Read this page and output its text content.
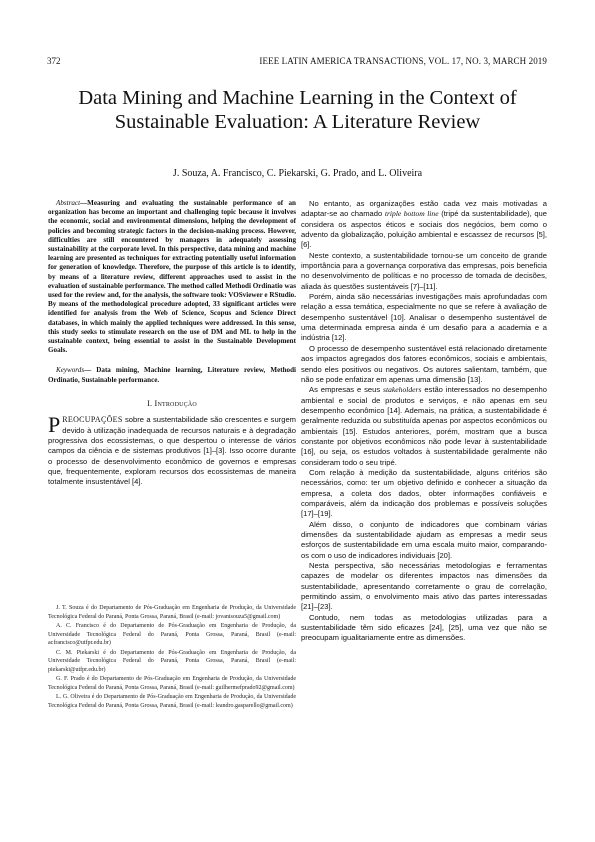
372	IEEE LATIN AMERICA TRANSACTIONS, VOL. 17, NO. 3, MARCH 2019
Data Mining and Machine Learning in the Context of Sustainable Evaluation: A Literature Review
J. Souza, A. Francisco, C. Piekarski, G. Prado, and L. Oliveira

Abstract—Measuring and evaluating the sustainable performance of an organization has become an important and challenging topic because it involves the economic, social and environmental dimensions, helping the development of policies and becoming strategic factors in the decision-making process. However, difficulties are still encountered by managers in adequately assessing sustainability at the corporate level. In this perspective, data mining and machine learning are presented as techniques for extracting potentially useful information for generation of knowledge. Therefore, the purpose of this article is to identify, by means of a literature review, different approaches used to assist in the evaluation of sustainable performance. The method called Methodi Ordinatio was used for the review and, for the analysis, the software took: VOSviewer e RStudio. By means of the methodological procedure adopted, 33 significant articles were identified for analysis from the Web of Science, Scopus and Science Direct databases, in which mainly the applied techniques were addressed. In this sense, this study seeks to stimulate research on the use of DM and ML to help in the sustainable context, being essential to assist in the Sustainable Development Goals.

Keywords— Data mining, Machine learning, Literature review, Methodi Ordinatio, Sustainable performance.

I. Introdução

PREOCUPAÇÕES sobre a sustentabilidade são crescentes e surgem devido à utilização inadequada de recursos naturais e à degradação progressiva dos ecossistemas, o que despertou o interesse de vários campos da ciência e de sistemas produtivos [1]–[3]. Isso ocorre durante o processo de desenvolvimento econômico de governos e empresas que, frequentemente, exploram recursos dos ecossistemas de maneira totalmente insustentável [4].

J. T. Souza é do Departamento de Pós-Graduação em Engenharia de Produção, da Universidade Tecnológica Federal do Paraná, Ponta Grossa, Paraná, Brasil (e-mail: jovanisouza5@gmail.com)

A. C. Francisco é do Departamento de Pós-Graduação em Engenharia de Produção, da Universidade Tecnológica Federal do Paraná, Ponta Grossa, Paraná, Brasil (e-mail: acfrancisco@utfpr.edu.br)

C. M. Piekarski é do Departamento de Pós-Graduação em Engenharia de Produção, da Universidade Tecnológica Federal do Paraná, Ponta Grossa, Paraná, Brasil (e-mail: piekarski@utfpr.edu.br)

G. F. Prado é do Departamento de Pós-Graduação em Engenharia de Produção, da Universidade Tecnológica Federal do Paraná, Ponta Grossa, Paraná, Brasil (e-mail: guilhermefprado92@gmail.com)

L. G. Oliveira é do Departamento de Pós-Graduação em Engenharia de Produção, da Universidade Tecnológica Federal do Paraná, Ponta Grossa, Paraná, Brasil (e-mail: leandro.gasparello@gmail.com)

No entanto, as organizações estão cada vez mais motivadas a adaptar-se ao chamado triple bottom line (tripé da sustentabilidade), que considera os aspectos éticos e sociais dos negócios, bem como o advento da globalização, poluição ambiental e escassez de recursos [5], [6].

Neste contexto, a sustentabilidade tornou-se um conceito de grande importância para a governança corporativa das empresas, pois beneficia no desenvolvimento de políticas e no processo de tomada de decisões, aliada às questões sustentáveis [7]–[11].

Porém, ainda são necessárias investigações mais aprofundadas com relação a essa temática, especialmente no que se refere à avaliação de desempenho sustentável [10]. Analisar o desempenho sustentável de uma determinada empresa ainda é um desafio para a academia e a indústria [12].

O processo de desempenho sustentável está relacionado diretamente aos impactos agregados dos fatores econômicos, sociais e ambientais, sendo eles positivos ou negativos. Os autores salientam, também, que não se pode enfatizar em apenas uma dimensão [13].

As empresas e seus stakeholders estão interessados no desempenho ambiental e social de produtos e serviços, e não apenas em seu desempenho econômico [14]. Ademais, na prática, a sustentabilidade é geralmente reduzida ou substituída apenas por aspectos econômicos ou ambientais [15]. Estudos anteriores, porém, mostram que a busca constante por objetivos econômicos não pode levar à sustentabilidade [16], ou seja, os estudos voltados à sustentabilidade geralmente não consideram todo o seu tripé.

Com relação à medição da sustentabilidade, alguns critérios são necessários, como: ter um objetivo definido e conhecer a situação da empresa, a coleta dos dados, obter informações confiáveis e comparáveis, além da indicação dos problemas e possíveis soluções [17]–[19].

Além disso, o conjunto de indicadores que combinam várias dimensões da sustentabilidade ajudam as empresas a medir seus esforços de sustentabilidade em uma escala muito maior, comparando-os com o uso de indicadores individuais [20].

Nesta perspectiva, são necessárias metodologias e ferramentas capazes de modelar os diferentes impactos nas dimensões da sustentabilidade, apresentando corretamente o grau de correlação, permitindo assim, o envolvimento mais ativo das partes interessadas [21]–[23].

Contudo, nem todas as metodologias utilizadas para a sustentabilidade têm sido eficazes [24], [25], uma vez que não se preocupam igualitariamente entre as dimensões.
